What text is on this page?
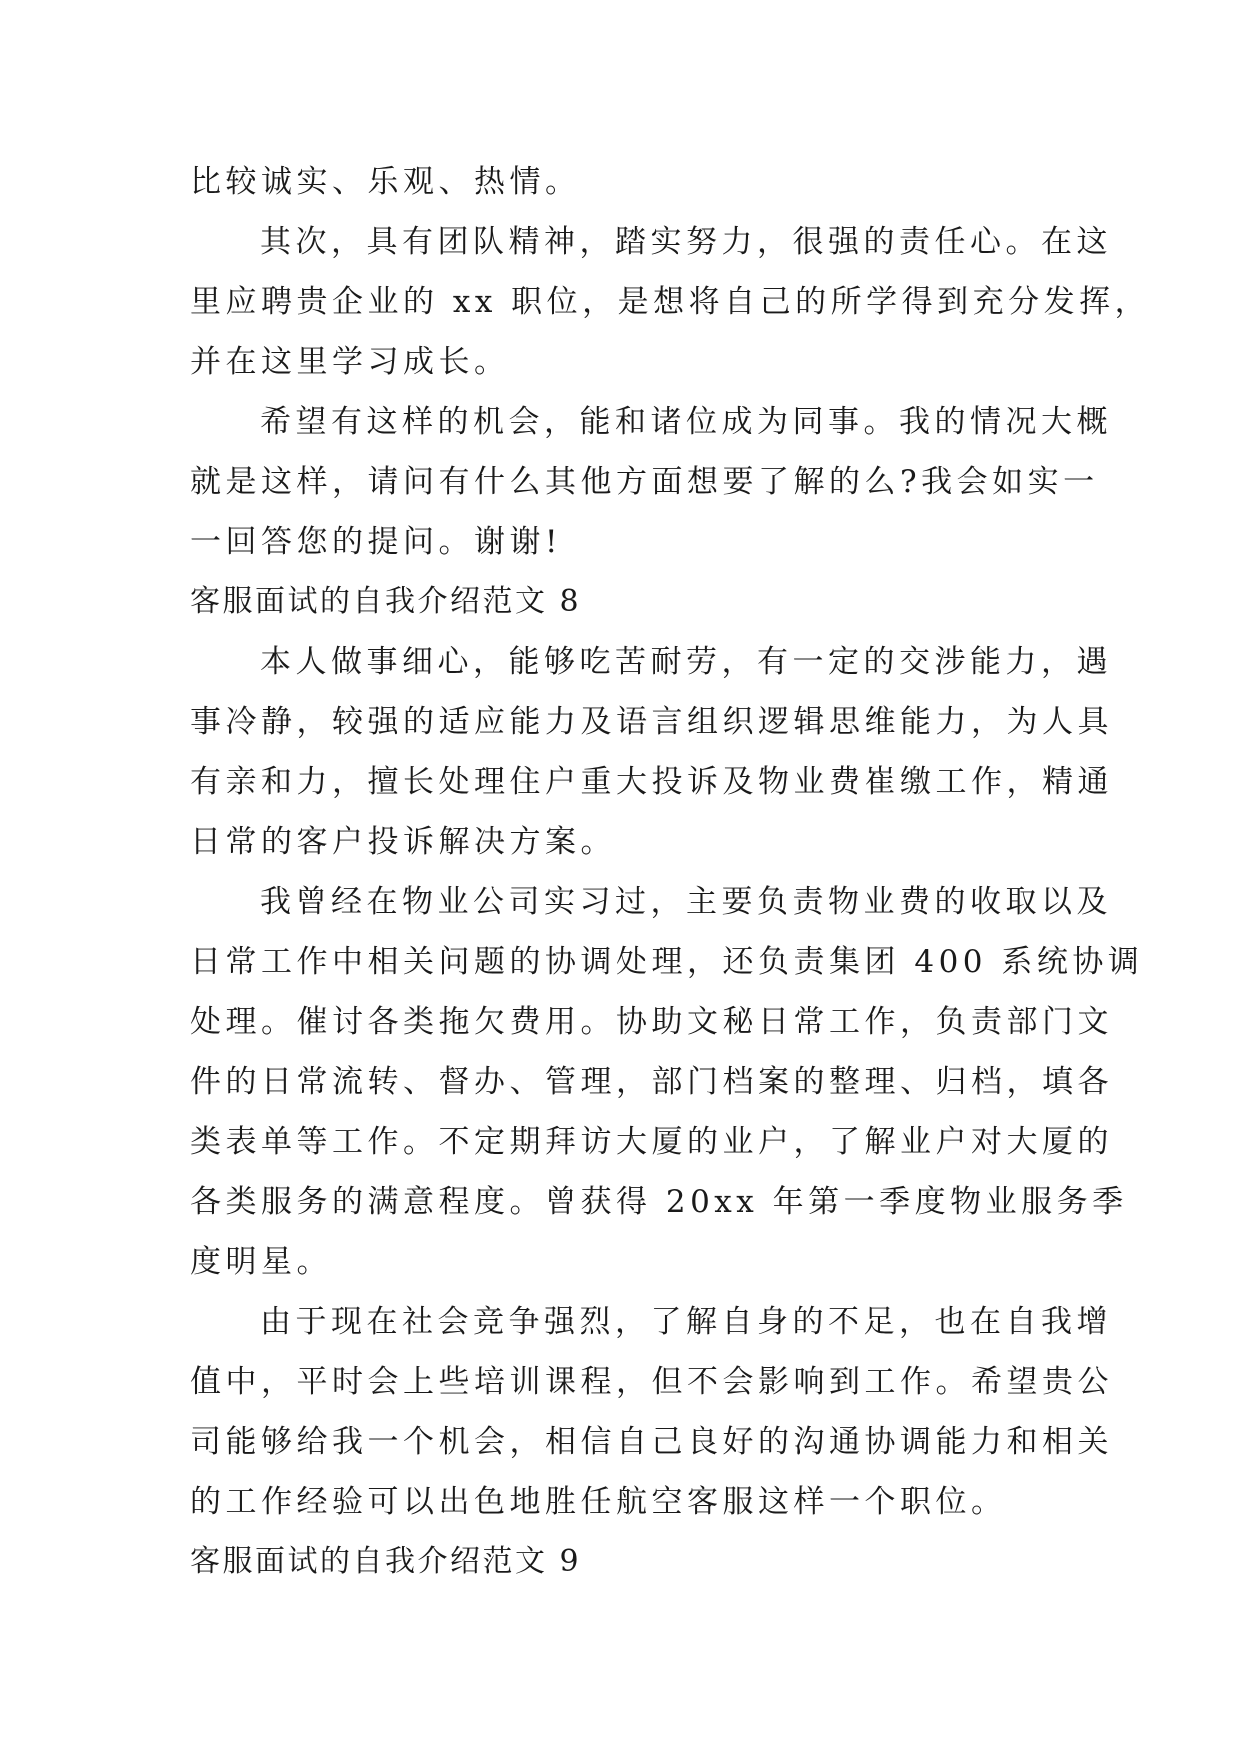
比较诚实、乐观、热情。
其次，具有团队精神，踏实努力，很强的责任心。在这
里应聘贵企业的 xx 职位，是想将自己的所学得到充分发挥，
并在这里学习成长。
希望有这样的机会，能和诸位成为同事。我的情况大概
就是这样，请问有什么其他方面想要了解的么?我会如实一
一回答您的提问。谢谢!
客服面试的自我介绍范文 8
本人做事细心，能够吃苦耐劳，有一定的交涉能力，遇
事冷静，较强的适应能力及语言组织逻辑思维能力，为人具
有亲和力，擅长处理住户重大投诉及物业费崔缴工作，精通
日常的客户投诉解决方案。
我曾经在物业公司实习过，主要负责物业费的收取以及
日常工作中相关问题的协调处理，还负责集团 400 系统协调
处理。催讨各类拖欠费用。协助文秘日常工作，负责部门文
件的日常流转、督办、管理，部门档案的整理、归档，填各
类表单等工作。不定期拜访大厦的业户，了解业户对大厦的
各类服务的满意程度。曾获得 20xx 年第一季度物业服务季
度明星。
由于现在社会竞争强烈，了解自身的不足，也在自我增
值中，平时会上些培训课程，但不会影响到工作。希望贵公
司能够给我一个机会，相信自己良好的沟通协调能力和相关
的工作经验可以出色地胜任航空客服这样一个职位。
客服面试的自我介绍范文 9
